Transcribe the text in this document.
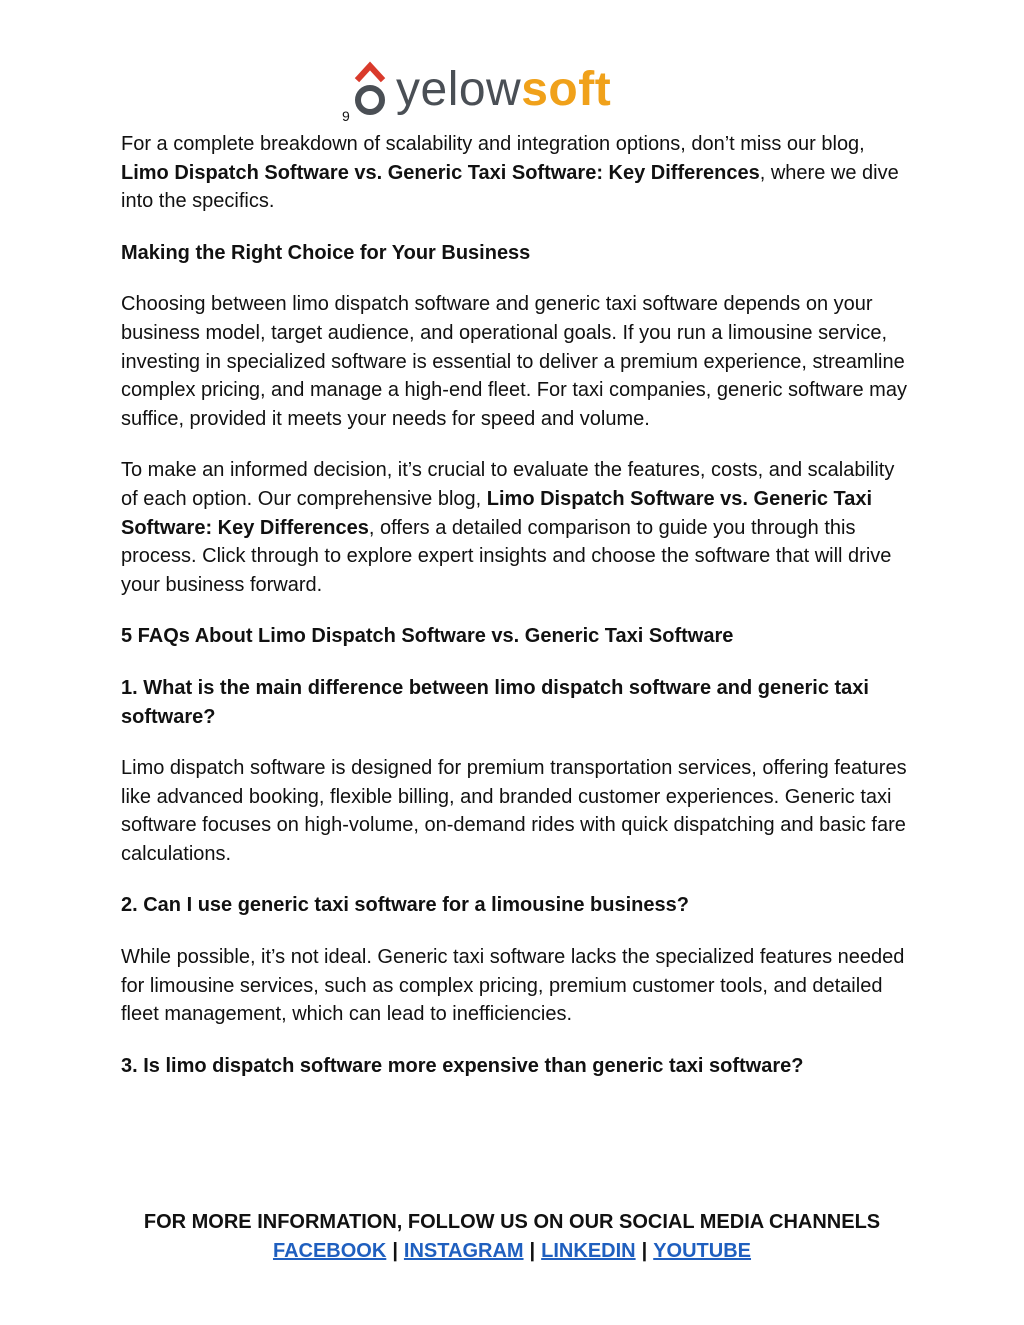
yelowsoft
9

For a complete breakdown of scalability and integration options, don’t miss our blog, Limo Dispatch Software vs. Generic Taxi Software: Key Differences, where we dive into the specifics.

Making the Right Choice for Your Business

Choosing between limo dispatch software and generic taxi software depends on your business model, target audience, and operational goals. If you run a limousine service, investing in specialized software is essential to deliver a premium experience, streamline complex pricing, and manage a high-end fleet. For taxi companies, generic software may suffice, provided it meets your needs for speed and volume.

To make an informed decision, it’s crucial to evaluate the features, costs, and scalability of each option. Our comprehensive blog, Limo Dispatch Software vs. Generic Taxi Software: Key Differences, offers a detailed comparison to guide you through this process. Click through to explore expert insights and choose the software that will drive your business forward.

5 FAQs About Limo Dispatch Software vs. Generic Taxi Software

1. What is the main difference between limo dispatch software and generic taxi software?

Limo dispatch software is designed for premium transportation services, offering features like advanced booking, flexible billing, and branded customer experiences. Generic taxi software focuses on high-volume, on-demand rides with quick dispatching and basic fare calculations.

2. Can I use generic taxi software for a limousine business?

While possible, it’s not ideal. Generic taxi software lacks the specialized features needed for limousine services, such as complex pricing, premium customer tools, and detailed fleet management, which can lead to inefficiencies.

3. Is limo dispatch software more expensive than generic taxi software?

FOR MORE INFORMATION, FOLLOW US ON OUR SOCIAL MEDIA CHANNELS
FACEBOOK | INSTAGRAM | LINKEDIN | YOUTUBE
